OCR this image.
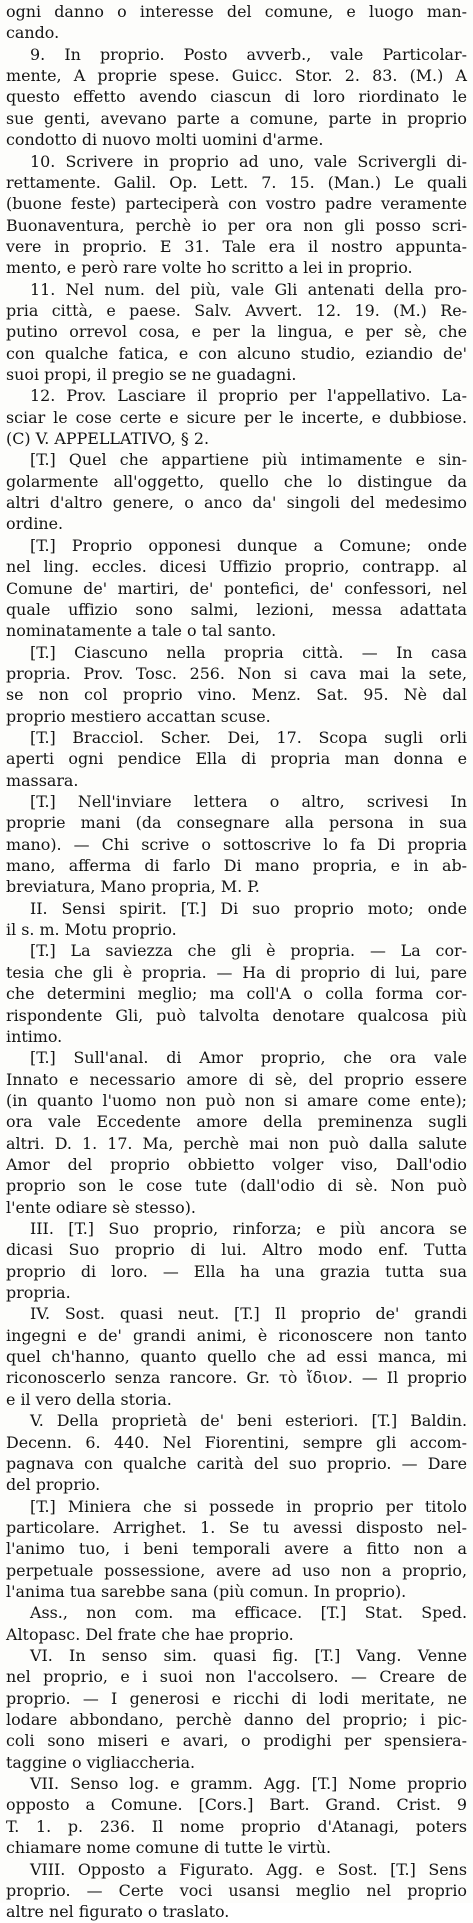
ogni danno o interesse del comune, e luogo man-
cando.
9. In proprio. Posto avverb., vale Particolar-
mente, A proprie spese. Guicc. Stor. 2. 83. (M.) A
questo effetto avendo ciascun di loro riordinato le
sue genti, avevano parte a comune, parte in proprio
condotto di nuovo molti uomini d'arme.
10. Scrivere in proprio ad uno, vale Scrivergli di-
rettamente. Galil. Op. Lett. 7. 15. (Man.) Le quali
(buone feste) parteciperà con vostro padre veramente
Buonaventura, perchè io per ora non gli posso scri-
vere in proprio. E 31. Tale era il nostro appunta-
mento, e però rare volte ho scritto a lei in proprio.
11. Nel num. del più, vale Gli antenati della pro-
pria città, e paese. Salv. Avvert. 12. 19. (M.) Re-
putino orrevol cosa, e per la lingua, e per sè, che
con qualche fatica, e con alcuno studio, eziandio de'
suoi propi, il pregio se ne guadagni.
12. Prov. Lasciare il proprio per l'appellativo. La-
sciar le cose certe e sicure per le incerte, e dubbiose.
(C) V. APPELLATIVO, § 2.
[T.] Quel che appartiene più intimamente e sin-
golarmente all'oggetto, quello che lo distingue da
altri d'altro genere, o anco da' singoli del medesimo
ordine.
[T.] Proprio opponesi dunque a Comune; onde
nel ling. eccles. dicesi Uffizio proprio, contrapp. al
Comune de' martiri, de' pontefici, de' confessori, nel
quale uffizio sono salmi, lezioni, messa adattata
nominatamente a tale o tal santo.
[T.] Ciascuno nella propria città. — In casa
propria. Prov. Tosc. 256. Non si cava mai la sete,
se non col proprio vino. Menz. Sat. 95. Nè dal
proprio mestiero accattan scuse.
[T.] Bracciol. Scher. Dei, 17. Scopa sugli orli
aperti ogni pendice Ella di propria man donna e
massara.
[T.] Nell'inviare lettera o altro, scrivesi In
proprie mani (da consegnare alla persona in sua
mano). — Chi scrive o sottoscrive lo fa Di propria
mano, afferma di farlo Di mano propria, e in ab-
breviatura, Mano propria, M. P.
II. Sensi spirit. [T.] Di suo proprio moto; onde
il s. m. Motu proprio.
[T.] La saviezza che gli è propria. — La cor-
tesia che gli è propria. — Ha di proprio di lui, pare
che determini meglio; ma coll'A o colla forma cor-
rispondente Gli, può talvolta denotare qualcosa più
intimo.
[T.] Sull'anal. di Amor proprio, che ora vale
Innato e necessario amore di sè, del proprio essere
(in quanto l'uomo non può non si amare come ente);
ora vale Eccedente amore della preminenza sugli
altri. D. 1. 17. Ma, perchè mai non può dalla salute
Amor del proprio obbietto volger viso, Dall'odio
proprio son le cose tute (dall'odio di sè. Non può
l'ente odiare sè stesso).
III. [T.] Suo proprio, rinforza; e più ancora se
dicasi Suo proprio di lui. Altro modo enf. Tutta
proprio di loro. — Ella ha una grazia tutta sua
propria.
IV. Sost. quasi neut. [T.] Il proprio de' grandi
ingegni e de' grandi animi, è riconoscere non tanto
quel ch'hanno, quanto quello che ad essi manca, mi
riconoscerlo senza rancore. Gr. τὸ ἴδιον. — Il proprio
e il vero della storia.
V. Della proprietà de' beni esteriori. [T.] Baldin.
Decenn. 6. 440. Nel Fiorentini, sempre gli accom-
pagnava con qualche carità del suo proprio. — Dare
del proprio.
[T.] Miniera che si possede in proprio per titolo
particolare. Arrighet. 1. Se tu avessi disposto nel-
l'animo tuo, i beni temporali avere a fitto non a
perpetuale possessione, avere ad uso non a proprio,
l'anima tua sarebbe sana (più comun. In proprio).
Ass., non com. ma efficace. [T.] Stat. Sped.
Altopasc. Del frate che hae proprio.
VI. In senso sim. quasi fig. [T.] Vang. Venne
nel proprio, e i suoi non l'accolsero. — Creare de
proprio. — I generosi e ricchi di lodi meritate, ne
lodare abbondano, perchè danno del proprio; i pic-
coli sono miseri e avari, o prodighi per spensiera-
taggine o vigliaccheria.
VII. Senso log. e gramm. Agg. [T.] Nome proprio
opposto a Comune. [Cors.] Bart. Grand. Crist. 9
T. 1. p. 236. Il nome proprio d'Atanagi, poters
chiamare nome comune di tutte le virtù.
VIII. Opposto a Figurato. Agg. e Sost. [T.] Sens
proprio. — Certe voci usansi meglio nel proprio
altre nel figurato o traslato.
